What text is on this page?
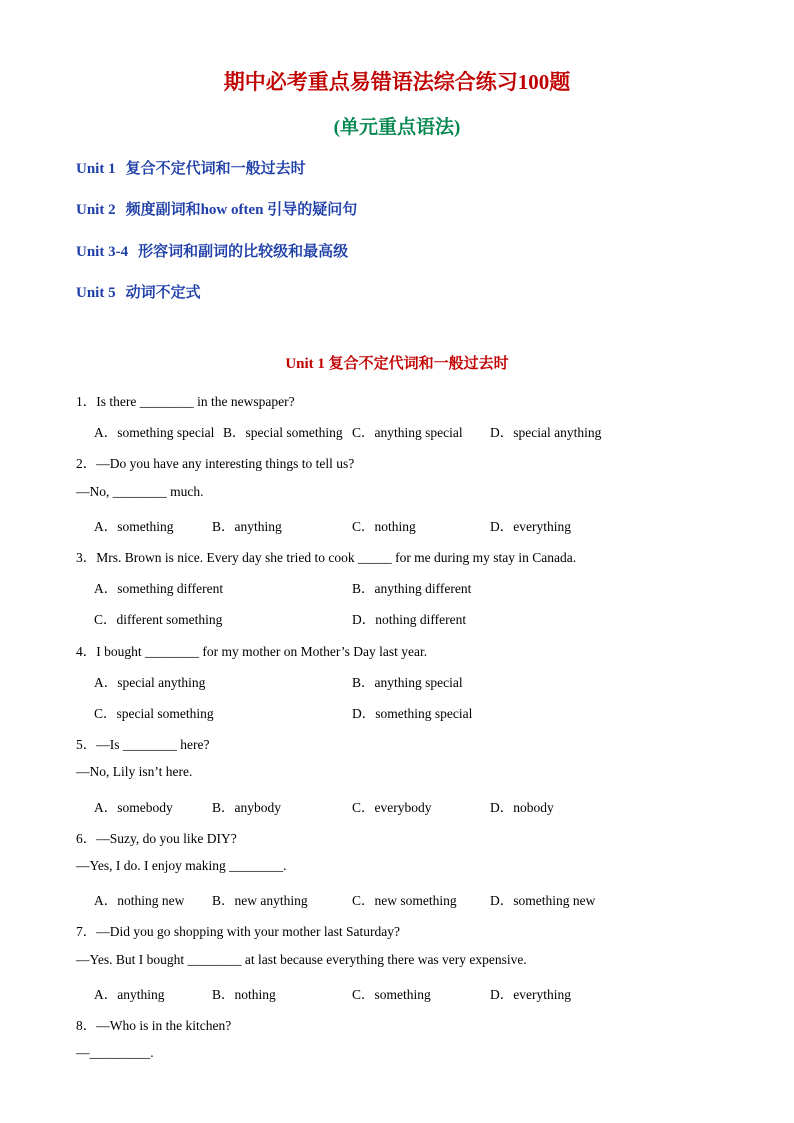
期中必考重点易错语法综合练习100题
(单元重点语法)
Unit 1 复合不定代词和一般过去时
Unit 2 频度副词和how often 引导的疑问句
Unit 3-4 形容词和副词的比较级和最高级
Unit 5 动词不定式
Unit 1 复合不定代词和一般过去时
1．Is there ________ in the newspaper?
A．something special B．special something C．anything special D．special anything
2．—Do you have any interesting things to tell us?
—No, ________ much.
A．something	B．anything	C．nothing	D．everything
3．Mrs. Brown is nice. Every day she tried to cook _____ for me during my stay in Canada.
A．something different	B．anything different
C．different something	D．nothing different
4．I bought ________ for my mother on Mother’s Day last year.
A．special anything	B．anything special
C．special something	D．something special
5．—Is ________ here?
—No, Lily isn’t here.
A．somebody	B．anybody	C．everybody	D．nobody
6．—Suzy, do you like DIY?
—Yes, I do. I enjoy making ________.
A．nothing new B．new anything	C．new something D．something new
7．—Did you go shopping with your mother last Saturday?
—Yes. But I bought ________ at last because everything there was very expensive.
A．anything	B．nothing	C．something	D．everything
8．—Who is in the kitchen?
—_________.
